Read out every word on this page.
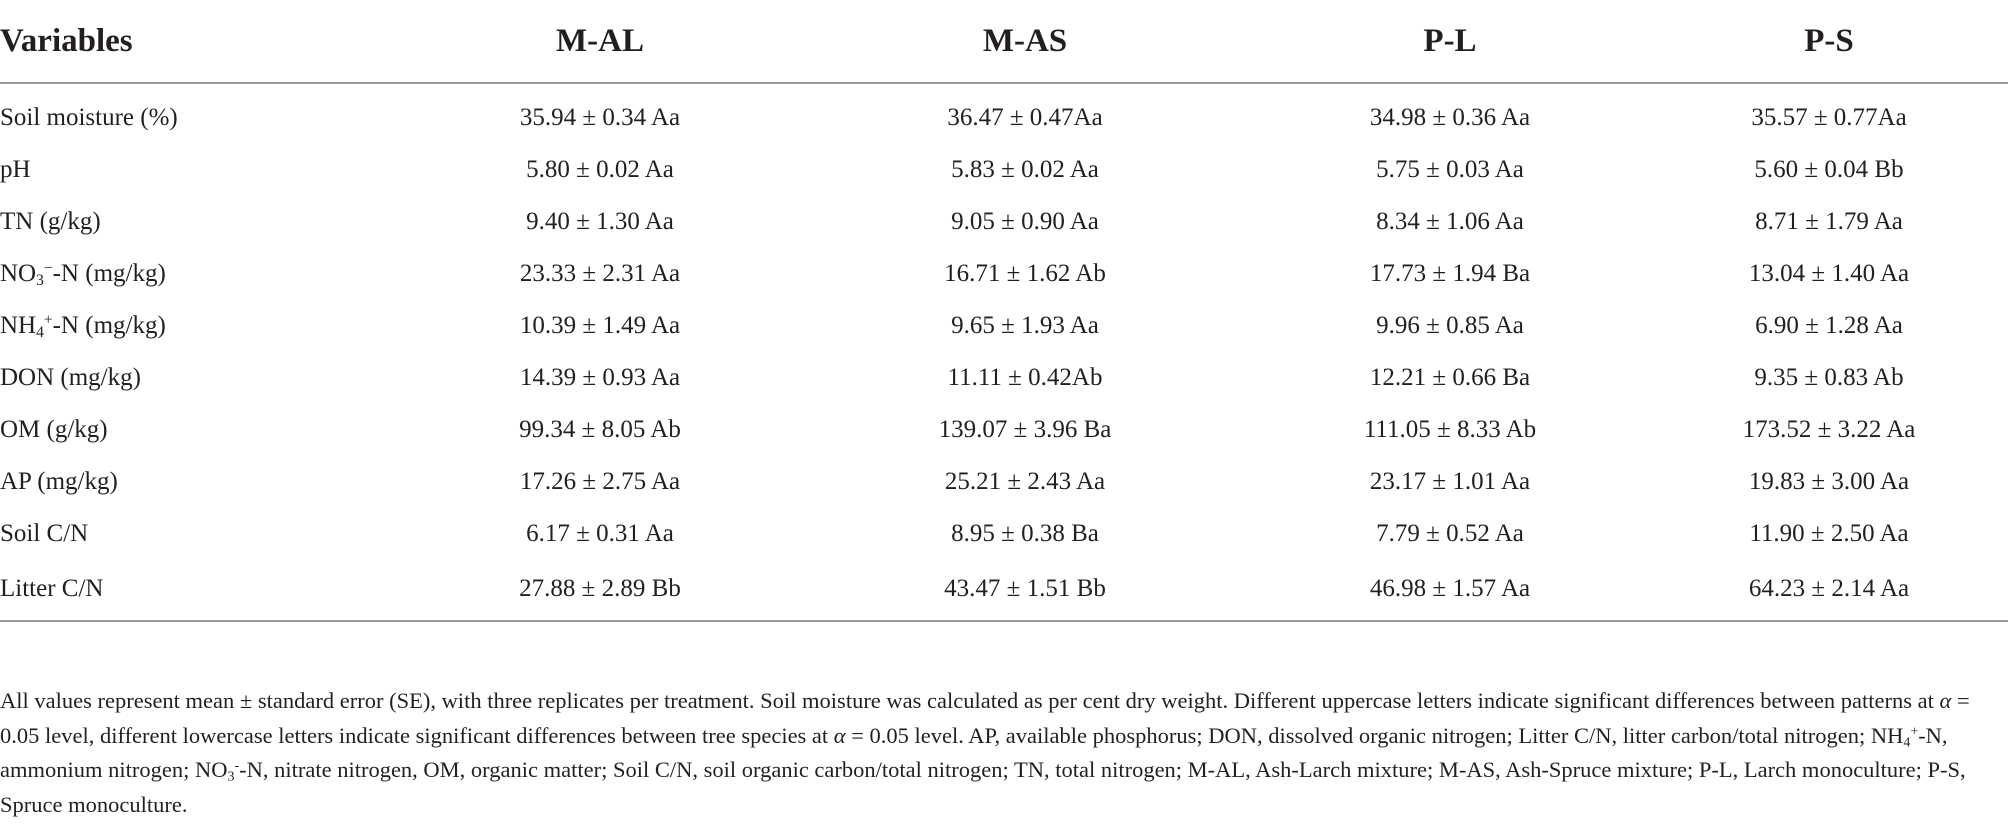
Variables	M-AL	M-AS	P-L	P-S
Soil moisture (%)	35.94 ± 0.34 Aa	36.47 ± 0.47Aa	34.98 ± 0.36 Aa	35.57 ± 0.77Aa
pH	5.80 ± 0.02 Aa	5.83 ± 0.02 Aa	5.75 ± 0.03 Aa	5.60 ± 0.04 Bb
TN (g/kg)	9.40 ± 1.30 Aa	9.05 ± 0.90 Aa	8.34 ± 1.06 Aa	8.71 ± 1.79 Aa
$NO_3^--N$ (mg/kg)	23.33 ± 2.31 Aa	16.71 ± 1.62 Ab	17.73 ± 1.94 Ba	13.04 ± 1.40 Aa
$NH_4^+-N$ (mg/kg)	10.39 ± 1.49 Aa	9.65 ± 1.93 Aa	9.96 ± 0.85 Aa	6.90 ± 1.28 Aa
DON (mg/kg)	14.39 ± 0.93 Aa	11.11 ± 0.42Ab	12.21 ± 0.66 Ba	9.35 ± 0.83 Ab
OM (g/kg)	99.34 ± 8.05 Ab	139.07 ± 3.96 Ba	111.05 ± 8.33 Ab	173.52 ± 3.22 Aa
AP (mg/kg)	17.26 ± 2.75 Aa	25.21 ± 2.43 Aa	23.17 ± 1.01 Aa	19.83 ± 3.00 Aa
Soil C/N	6.17 ± 0.31 Aa	8.95 ± 0.38 Ba	7.79 ± 0.52 Aa	11.90 ± 2.50 Aa
Litter C/N	27.88 ± 2.89 Bb	43.47 ± 1.51 Bb	46.98 ± 1.57 Aa	64.23 ± 2.14 Aa
All values represent mean ± standard error (SE), with three replicates per treatment. Soil moisture was calculated as per cent dry weight. Different uppercase letters indicate significant differences between patterns at α = 0.05 level, different lowercase letters indicate significant differences between tree species at α = 0.05 level. AP, available phosphorus; DON, dissolved organic nitrogen; Litter C/N, litter carbon/total nitrogen; $NH_4^+-N$, ammonium nitrogen; $NO_3^--N$, nitrate nitrogen, OM, organic matter; Soil C/N, soil organic carbon/total nitrogen; TN, total nitrogen; M-AL, Ash-Larch mixture; M-AS, Ash-Spruce mixture; P-L, Larch monoculture; P-S, Spruce monoculture.
